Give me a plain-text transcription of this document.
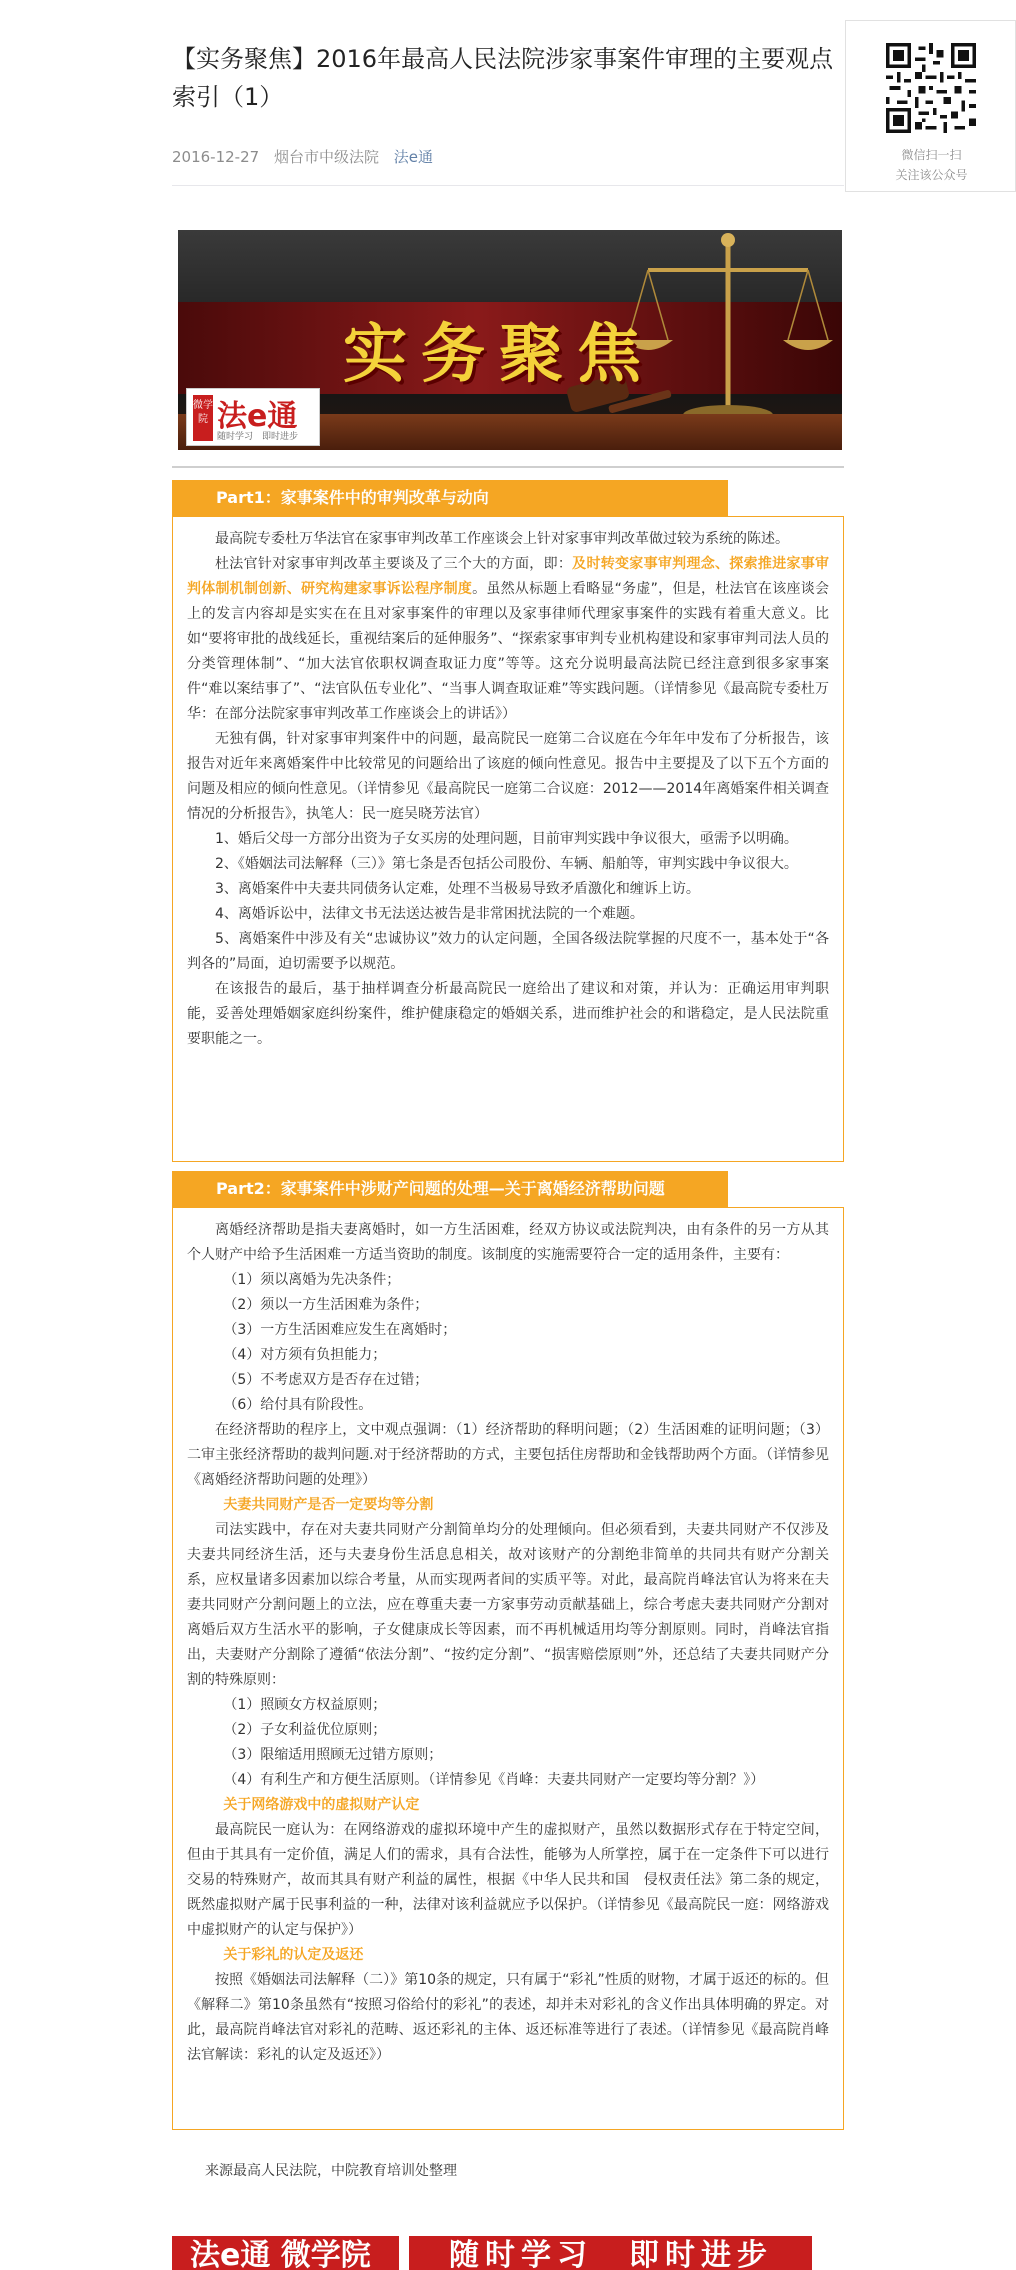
【实务聚焦】2016年最高人民法院涉家事案件审理的主要观点索引（1）
2016-12-27 烟台市中级法院 法e通
实务聚焦
微学院 法e通
随时学习　即时进步
Part1：家事案件中的审判改革与动向

最高院专委杜万华法官在家事审判改革工作座谈会上针对家事审判改革做过较为系统的陈述。

杜法官针对家事审判改革主要谈及了三个大的方面，即：及时转变家事审判理念、探索推进家事审判体制机制创新、研究构建家事诉讼程序制度。虽然从标题上看略显“务虚”，但是，杜法官在该座谈会上的发言内容却是实实在在且对家事案件的审理以及家事律师代理家事案件的实践有着重大意义。比如“要将审批的战线延长，重视结案后的延伸服务”、“探索家事审判专业机构建设和家事审判司法人员的分类管理体制”、“加大法官依职权调查取证力度”等等。这充分说明最高法院已经注意到很多家事案件“难以案结事了”、“法官队伍专业化”、“当事人调查取证难”等实践问题。（详情参见《最高院专委杜万华：在部分法院家事审判改革工作座谈会上的讲话》）

无独有偶，针对家事审判案件中的问题，最高院民一庭第二合议庭在今年年中发布了分析报告，该报告对近年来离婚案件中比较常见的问题给出了该庭的倾向性意见。报告中主要提及了以下五个方面的问题及相应的倾向性意见。（详情参见《最高院民一庭第二合议庭：2012——2014年离婚案件相关调查情况的分析报告》，执笔人：民一庭吴晓芳法官）

1、婚后父母一方部分出资为子女买房的处理问题，目前审判实践中争议很大，亟需予以明确。

2、《婚姻法司法解释（三）》第七条是否包括公司股份、车辆、船舶等，审判实践中争议很大。

3、离婚案件中夫妻共同债务认定难，处理不当极易导致矛盾激化和缠诉上访。

4、离婚诉讼中，法律文书无法送达被告是非常困扰法院的一个难题。

5、离婚案件中涉及有关“忠诚协议”效力的认定问题，全国各级法院掌握的尺度不一，基本处于“各判各的”局面，迫切需要予以规范。

在该报告的最后，基于抽样调查分析最高院民一庭给出了建议和对策，并认为：正确运用审判职能，妥善处理婚姻家庭纠纷案件，维护健康稳定的婚姻关系，进而维护社会的和谐稳定，是人民法院重要职能之一。

Part2：家事案件中涉财产问题的处理—关于离婚经济帮助问题

离婚经济帮助是指夫妻离婚时，如一方生活困难，经双方协议或法院判决，由有条件的另一方从其个人财产中给予生活困难一方适当资助的制度。该制度的实施需要符合一定的适用条件，主要有：

（1）须以离婚为先决条件；

（2）须以一方生活困难为条件；

（3）一方生活困难应发生在离婚时；

（4）对方须有负担能力；

（5）不考虑双方是否存在过错；

（6）给付具有阶段性。

在经济帮助的程序上，文中观点强调：（1）经济帮助的释明问题；（2）生活困难的证明问题；（3）二审主张经济帮助的裁判问题.对于经济帮助的方式，主要包括住房帮助和金钱帮助两个方面。（详情参见《离婚经济帮助问题的处理》）

夫妻共同财产是否一定要均等分割

司法实践中，存在对夫妻共同财产分割简单均分的处理倾向。但必须看到，夫妻共同财产不仅涉及夫妻共同经济生活，还与夫妻身份生活息息相关，故对该财产的分割绝非简单的共同共有财产分割关系，应权量诸多因素加以综合考量，从而实现两者间的实质平等。对此，最高院肖峰法官认为将来在夫妻共同财产分割问题上的立法，应在尊重夫妻一方家事劳动贡献基础上，综合考虑夫妻共同财产分割对离婚后双方生活水平的影响，子女健康成长等因素，而不再机械适用均等分割原则。同时，肖峰法官指出，夫妻财产分割除了遵循“依法分割”、“按约定分割”、“损害赔偿原则”外，还总结了夫妻共同财产分割的特殊原则：

（1）照顾女方权益原则；

（2）子女利益优位原则；

（3）限缩适用照顾无过错方原则；

（4）有利生产和方便生活原则。（详情参见《肖峰：夫妻共同财产一定要均等分割？》）

关于网络游戏中的虚拟财产认定

最高院民一庭认为：在网络游戏的虚拟环境中产生的虚拟财产，虽然以数据形式存在于特定空间，但由于其具有一定价值，满足人们的需求，具有合法性，能够为人所掌控，属于在一定条件下可以进行交易的特殊财产，故而其具有财产利益的属性，根据《中华人民共和国　侵权责任法》第二条的规定，既然虚拟财产属于民事利益的一种，法律对该利益就应予以保护。（详情参见《最高院民一庭：网络游戏中虚拟财产的认定与保护》）

关于彩礼的认定及返还

按照《婚姻法司法解释（二）》第10条的规定，只有属于“彩礼”性质的财物，才属于返还的标的。但《解释二》第10条虽然有“按照习俗给付的彩礼”的表述，却并未对彩礼的含义作出具体明确的界定。对此，最高院肖峰法官对彩礼的范畴、返还彩礼的主体、返还标准等进行了表述。（详情参见《最高院肖峰法官解读：彩礼的认定及返还》）

来源最高人民法院，中院教育培训处整理
法e通 微学院	随时学习　即时进步
微信扫一扫
关注该公众号
